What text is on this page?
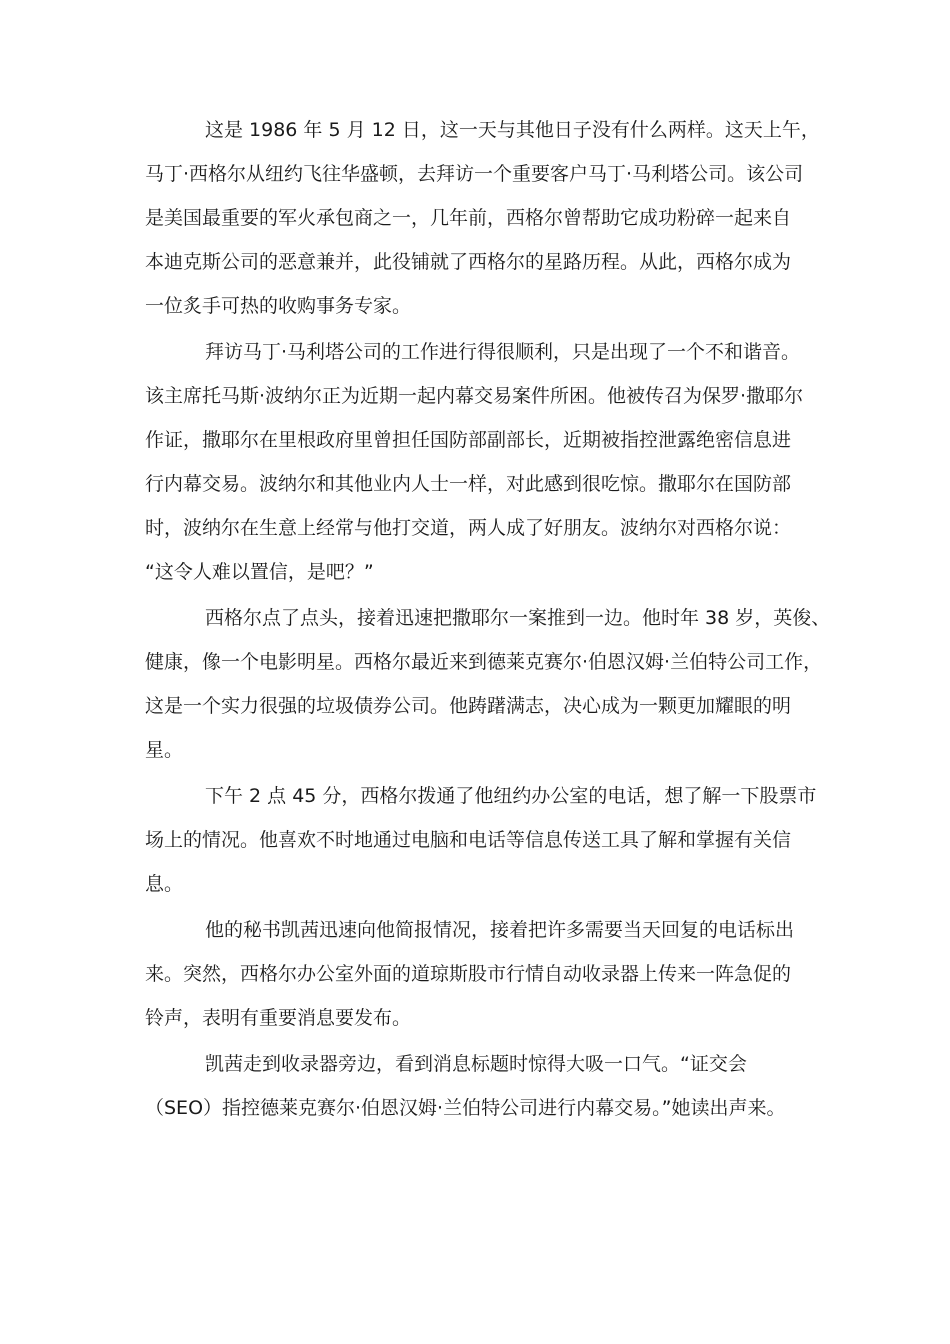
这是 1986 年 5 月 12 日，这一天与其他日子没有什么两样。这天上午，
马丁·西格尔从纽约飞往华盛顿，去拜访一个重要客户马丁·马利塔公司。该公司
是美国最重要的军火承包商之一，几年前，西格尔曾帮助它成功粉碎一起来自
本迪克斯公司的恶意兼并，此役铺就了西格尔的星路历程。从此，西格尔成为
一位炙手可热的收购事务专家。
拜访马丁·马利塔公司的工作进行得很顺利，只是出现了一个不和谐音。
该主席托马斯·波纳尔正为近期一起内幕交易案件所困。他被传召为保罗·撒耶尔
作证，撒耶尔在里根政府里曾担任国防部副部长，近期被指控泄露绝密信息进
行内幕交易。波纳尔和其他业内人士一样，对此感到很吃惊。撒耶尔在国防部
时，波纳尔在生意上经常与他打交道，两人成了好朋友。波纳尔对西格尔说：
“这令人难以置信，是吧？”
西格尔点了点头，接着迅速把撒耶尔一案推到一边。他时年 38 岁，英俊、
健康，像一个电影明星。西格尔最近来到德莱克赛尔·伯恩汉姆·兰伯特公司工作，
这是一个实力很强的垃圾债券公司。他踌躇满志，决心成为一颗更加耀眼的明
星。
下午 2 点 45 分，西格尔拨通了他纽约办公室的电话，想了解一下股票市
场上的情况。他喜欢不时地通过电脑和电话等信息传送工具了解和掌握有关信
息。
他的秘书凯茜迅速向他简报情况，接着把许多需要当天回复的电话标出
来。突然，西格尔办公室外面的道琼斯股市行情自动收录器上传来一阵急促的
铃声，表明有重要消息要发布。
凯茜走到收录器旁边，看到消息标题时惊得大吸一口气。“证交会
（SEO）指控德莱克赛尔·伯恩汉姆·兰伯特公司进行内幕交易。”她读出声来。
